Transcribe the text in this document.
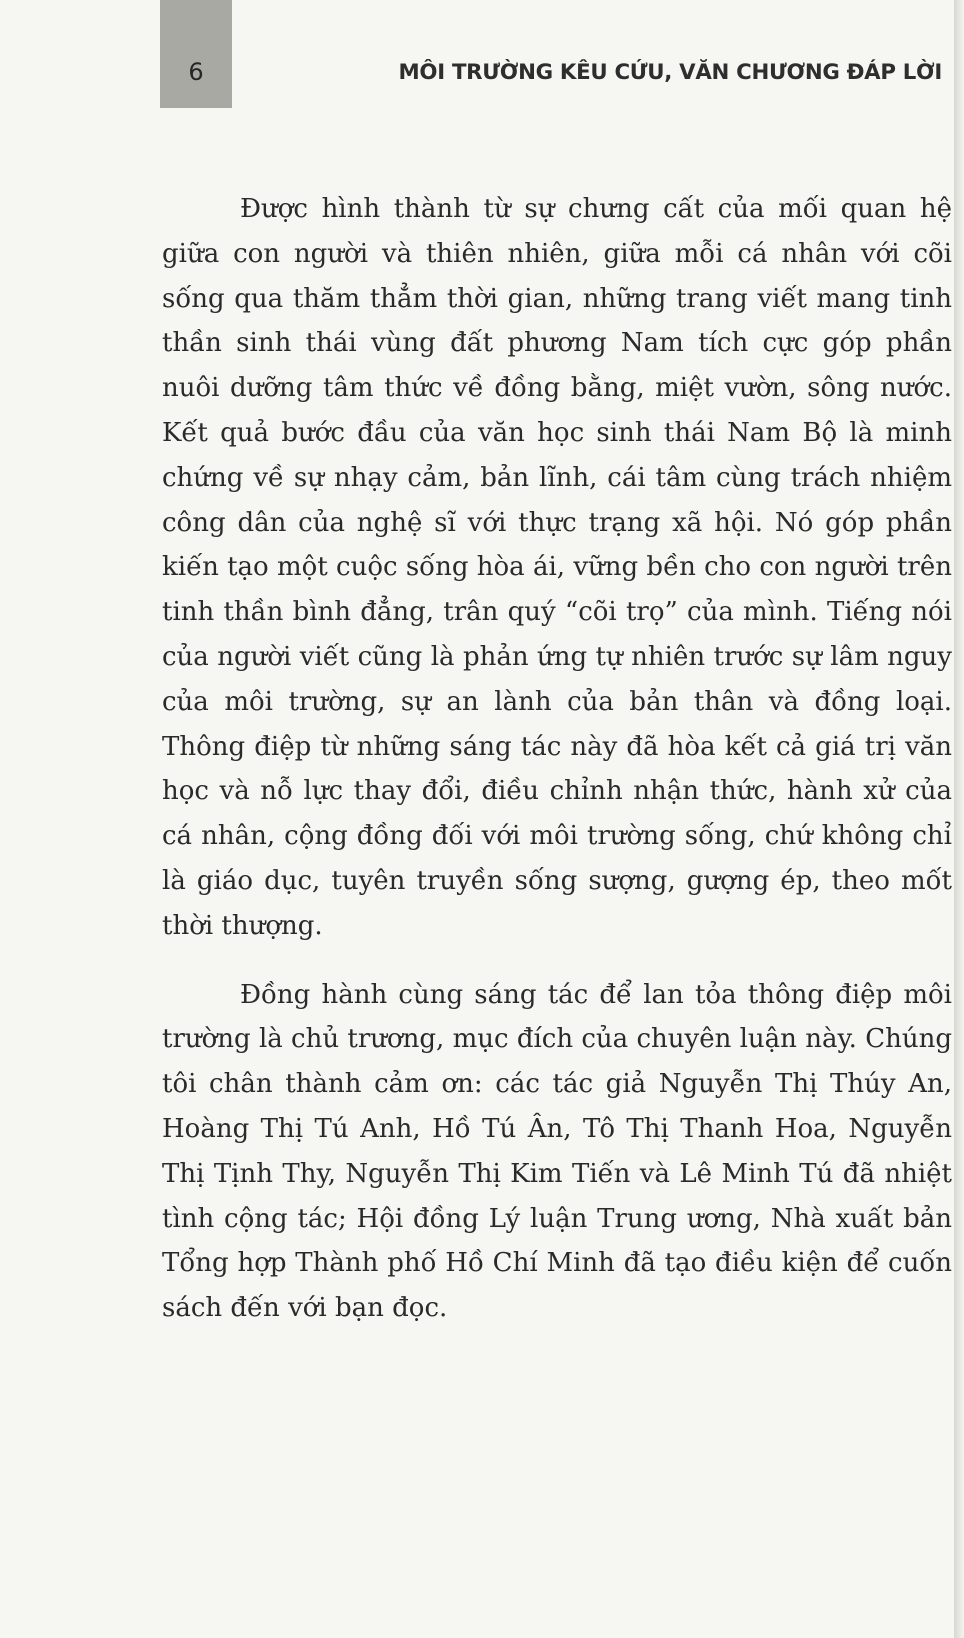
6	MÔI TRƯỜNG KÊU CỨU, VĂN CHƯƠNG ĐÁP LỜI

Được hình thành từ sự chưng cất của mối quan hệ giữa con người và thiên nhiên, giữa mỗi cá nhân với cõi sống qua thăm thẳm thời gian, những trang viết mang tinh thần sinh thái vùng đất phương Nam tích cực góp phần nuôi dưỡng tâm thức về đồng bằng, miệt vườn, sông nước. Kết quả bước đầu của văn học sinh thái Nam Bộ là minh chứng về sự nhạy cảm, bản lĩnh, cái tâm cùng trách nhiệm công dân của nghệ sĩ với thực trạng xã hội. Nó góp phần kiến tạo một cuộc sống hòa ái, vững bền cho con người trên tinh thần bình đẳng, trân quý “cõi trọ” của mình. Tiếng nói của người viết cũng là phản ứng tự nhiên trước sự lâm nguy của môi trường, sự an lành của bản thân và đồng loại. Thông điệp từ những sáng tác này đã hòa kết cả giá trị văn học và nỗ lực thay đổi, điều chỉnh nhận thức, hành xử của cá nhân, cộng đồng đối với môi trường sống, chứ không chỉ là giáo dục, tuyên truyền sống sượng, gượng ép, theo mốt thời thượng.

Đồng hành cùng sáng tác để lan tỏa thông điệp môi trường là chủ trương, mục đích của chuyên luận này. Chúng tôi chân thành cảm ơn: các tác giả Nguyễn Thị Thúy An, Hoàng Thị Tú Anh, Hồ Tú Ân, Tô Thị Thanh Hoa, Nguyễn Thị Tịnh Thy, Nguyễn Thị Kim Tiến và Lê Minh Tú đã nhiệt tình cộng tác; Hội đồng Lý luận Trung ương, Nhà xuất bản Tổng hợp Thành phố Hồ Chí Minh đã tạo điều kiện để cuốn sách đến với bạn đọc.
